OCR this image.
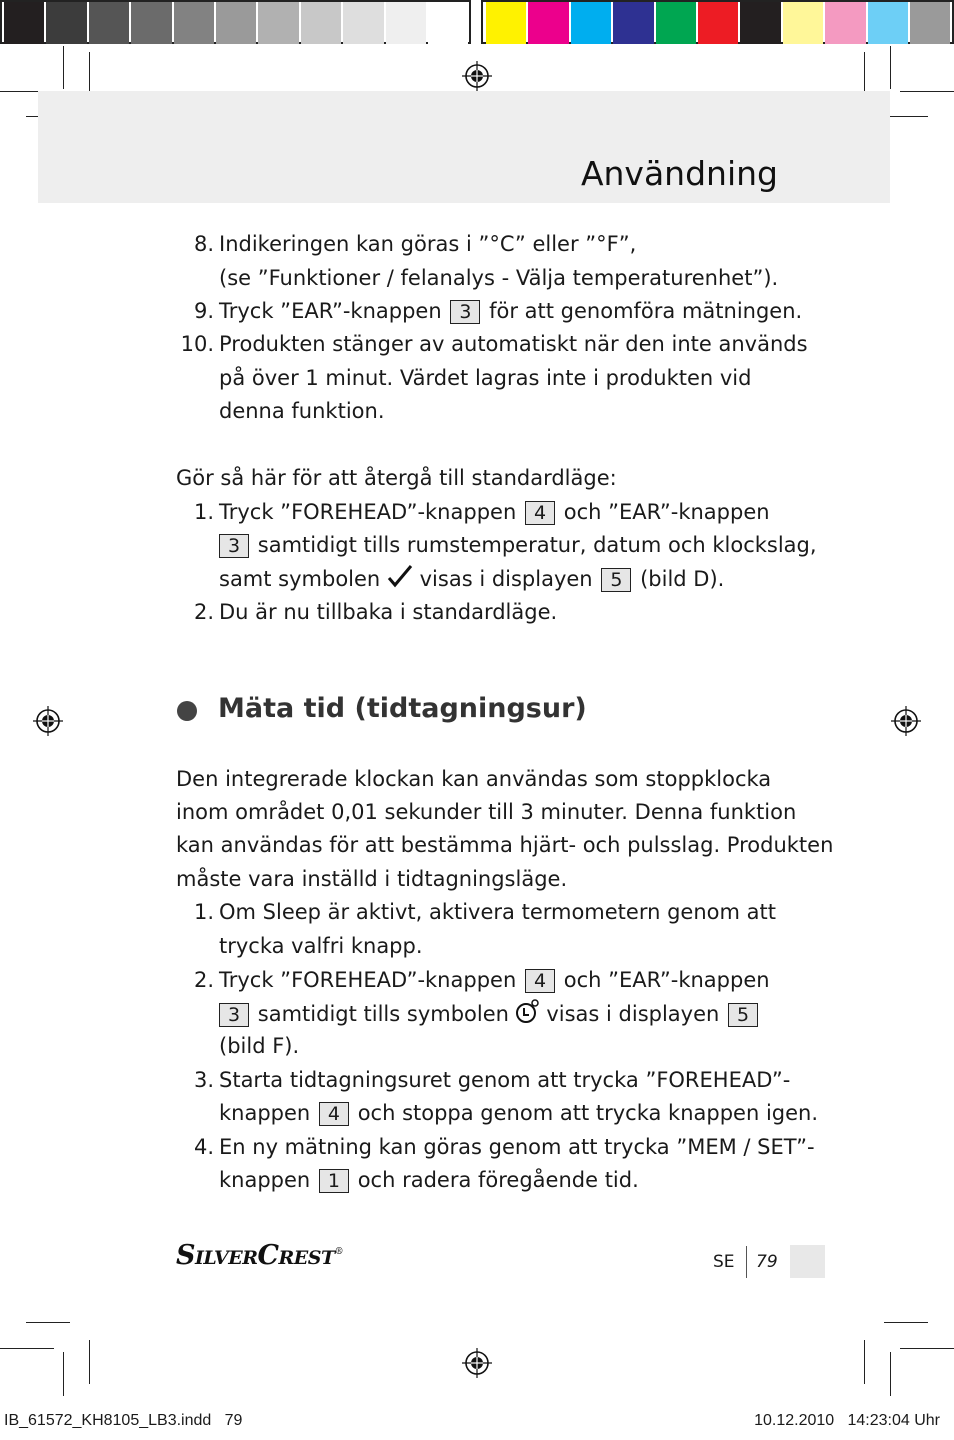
Användning
8. Indikeringen kan göras i ”°C” eller ”°F”,
(se ”Funktioner / felanalys - Välja temperaturenhet”).
9. Tryck ”EAR”-knappen 3 för att genomföra mätningen.
10. Produkten stänger av automatiskt när den inte används
på över 1 minut. Värdet lagras inte i produkten vid
denna funktion.
Gör så här för att återgå till standardläge:
1. Tryck ”FOREHEAD”-knappen 4 och ”EAR”-knappen
3 samtidigt tills rumstemperatur, datum och klockslag,
samt symbolen visas i displayen 5 (bild D).
2. Du är nu tillbaka i standardläge.
Mäta tid (tidtagningsur)
Den integrerade klockan kan användas som stoppklocka
inom området 0,01 sekunder till 3 minuter. Denna funktion
kan användas för att bestämma hjärt- och pulsslag. Produkten
måste vara inställd i tidtagningsläge.
1. Om Sleep är aktivt, aktivera termometern genom att
trycka valfri knapp.
2. Tryck ”FOREHEAD”-knappen 4 och ”EAR”-knappen
3 samtidigt tills symbolen visas i displayen 5
(bild F).
3. Starta tidtagningsuret genom att trycka ”FOREHEAD”-
knappen 4 och stoppa genom att trycka knappen igen.
4. En ny mätning kan göras genom att trycka ”MEM / SET”-
knappen 1 och radera föregående tid.
SilverCrest®	SE 79
IB_61572_KH8105_LB3.indd   79	10.12.2010   14:23:04 Uhr
